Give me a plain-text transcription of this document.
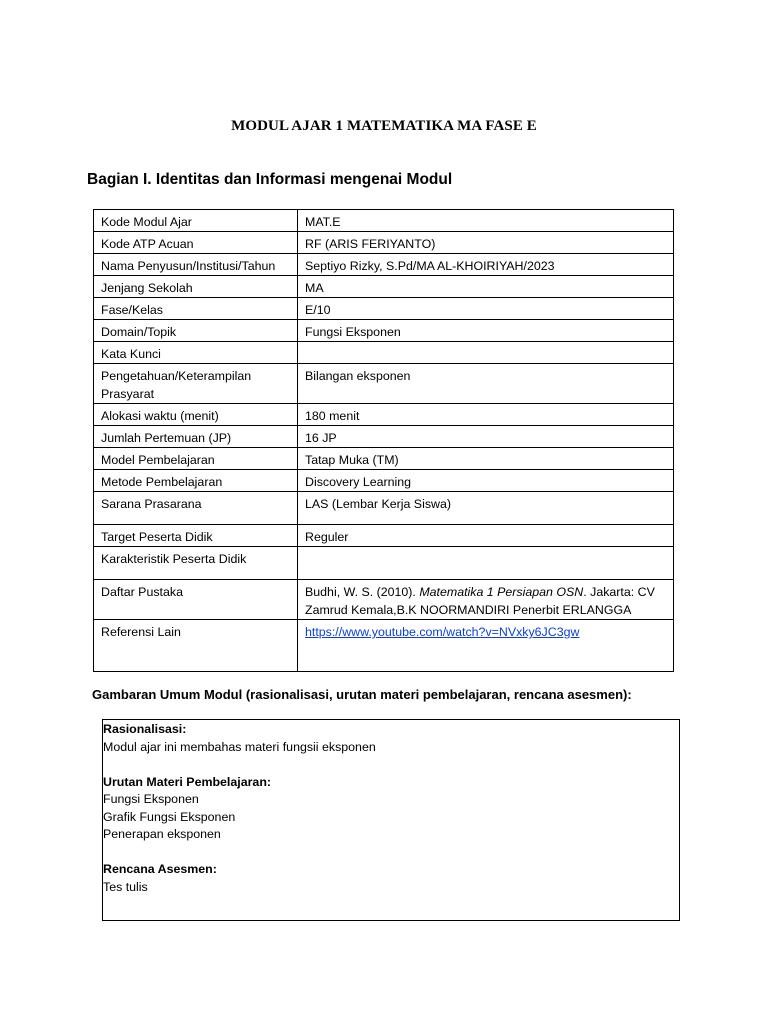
MODUL AJAR 1 MATEMATIKA MA FASE E
Bagian I. Identitas dan Informasi mengenai Modul
Kode Modul Ajar	MAT.E
Kode ATP Acuan	RF (ARIS FERIYANTO)
Nama Penyusun/Institusi/Tahun	Septiyo Rizky, S.Pd/MA AL-KHOIRIYAH/2023
Jenjang Sekolah	MA
Fase/Kelas	E/10
Domain/Topik	Fungsi Eksponen
Kata Kunci	
Pengetahuan/Keterampilan Prasyarat	Bilangan eksponen
Alokasi waktu (menit)	180 menit
Jumlah Pertemuan (JP)	16 JP
Model Pembelajaran	Tatap Muka (TM)
Metode Pembelajaran	Discovery Learning
Sarana Prasarana	LAS (Lembar Kerja Siswa)
Target Peserta Didik	Reguler
Karakteristik Peserta Didik	
Daftar Pustaka	Budhi, W. S. (2010). Matematika 1 Persiapan OSN. Jakarta: CV Zamrud Kemala,B.K NOORMANDIRI Penerbit ERLANGGA
Referensi Lain	https://www.youtube.com/watch?v=NVxky6JC3gw
Gambaran Umum Modul (rasionalisasi, urutan materi pembelajaran, rencana asesmen):
Rasionalisasi:
Modul ajar ini membahas materi fungsii eksponen
Urutan Materi Pembelajaran:
Fungsi Eksponen
Grafik Fungsi Eksponen
Penerapan eksponen
Rencana Asesmen:
Tes tulis
